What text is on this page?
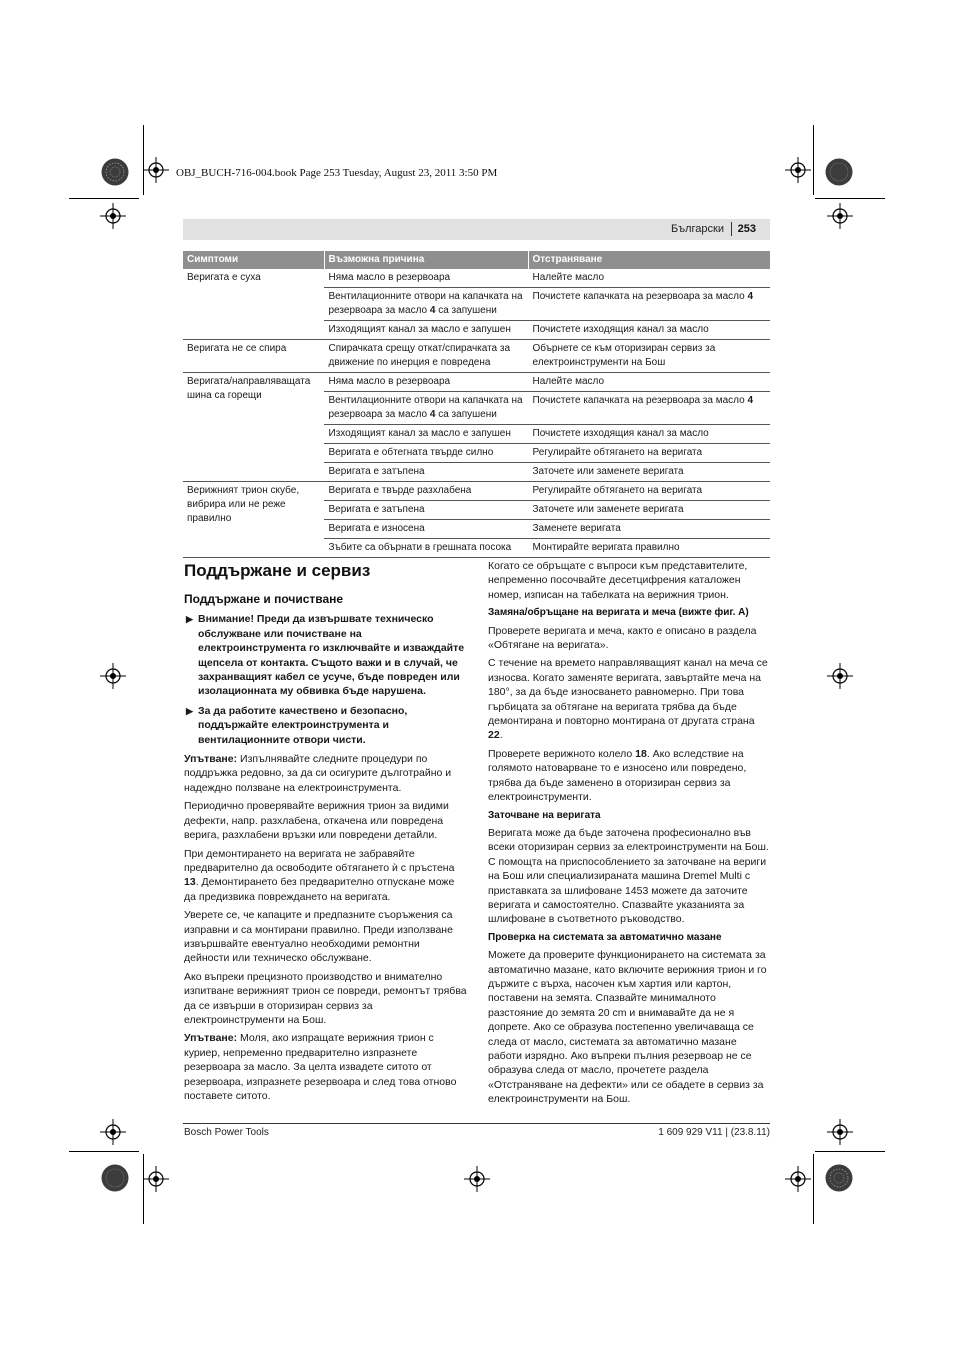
OBJ_BUCH-716-004.book Page 253 Tuesday, August 23, 2011 3:50 PM
Български 253
Симптоми	Възможна причина	Отстраняване
Веригата е суха	Няма масло в резервоара	Налейте масло
	Вентилационните отвори на капачката на резервоара за масло 4 са запушени	Почистете капачката на резервоара за масло 4
	Изходящият канал за масло е запушен	Почистете изходящия канал за масло
Веригата не се спира	Спирачката срещу откат/спирачката за движение по инерция е повредена	Обърнете се към оторизиран сервиз за електроинструменти на Бош
Веригата/направляващата шина са горещи	Няма масло в резервоара	Налейте масло
	Вентилационните отвори на капачката на резервоара за масло 4 са запушени	Почистете капачката на резервоара за масло 4
	Изходящият канал за масло е запушен	Почистете изходящия канал за масло
	Веригата е обтегната твърде силно	Регулирайте обтягането на веригата
	Веригата е затъпена	Заточете или заменете веригата
Верижният трион скубе, вибрира или не реже правилно	Веригата е твърде разхлабена	Регулирайте обтягането на веригата
	Веригата е затъпена	Заточете или заменете веригата
	Веригата е износена	Заменете веригата
	Зъбите са обърнати в грешната посока	Монтирайте веригата правилно
Поддържане и сервиз
Поддържане и почистване
▶ Внимание! Преди да извършвате техническо обслужване или почистване на електроинструмента го изключвайте и изваждайте щепсела от контакта. Същото важи и в случай, че захранващият кабел се усуче, бъде повреден или изолационната му обвивка бъде нарушена.
▶ За да работите качествено и безопасно, поддържайте електроинструмента и вентилационните отвори чисти.

Упътване: Изпълнявайте следните процедури по поддръжка редовно, за да си осигурите дълготрайно и надеждно ползване на електроинструмента.

Периодично проверявайте верижния трион за видими дефекти, напр. разхлабена, откачена или повредена верига, разхлабени връзки или повредени детайли.

При демонтирането на веригата не забравяйте предварително да освободите обтягането ѝ с пръстена 13. Демонтирането без предварително отпускане може да предизвика повреждането на веригата.

Уверете се, че капаците и предпазните съоръжения са изправни и са монтирани правилно. Преди използване извършвайте евентуално необходими ремонтни дейности или техническо обслужване.

Ако въпреки прецизното производство и внимателно изпитване верижният трион се повреди, ремонтът трябва да се извърши в оторизиран сервиз за електроинструменти на Бош.

Упътване: Моля, ако изпращате верижния трион с куриер, непременно предварително изпразнете резервоара за масло. За целта извадете ситото от резервоара, изпразнете резервоара и след това отново поставете ситото.

Когато се обръщате с въпроси към представителите, непременно посочвайте десетцифрения каталожен номер, изписан на табелката на верижния трион.

Замяна/обръщане на веригата и меча (вижте фиг. A)

Проверете веригата и меча, както е описано в раздела «Обтягане на веригата».

С течение на времето направляващият канал на меча се износва. Когато заменяте веригата, завъртайте меча на 180°, за да бъде износването равномерно. При това гърбицата за обтягане на веригата трябва да бъде демонтирана и повторно монтирана от другата страна 22.

Проверете верижното колело 18. Ако вследствие на голямото натоварване то е износено или повредено, трябва да бъде заменено в оторизиран сервиз за електроинструменти.

Заточване на веригата

Веригата може да бъде заточена професионално във всеки оторизиран сервиз за електроинструменти на Бош. С помощта на приспособлението за заточване на вериги на Бош или специализираната машина Dremel Multi с приставката за шлифоване 1453 можете да заточите веригата и самостоятелно. Спазвайте указанията за шлифоване в съответното ръководство.

Проверка на системата за автоматично мазане

Можете да проверите функционирането на системата за автоматично мазане, като включите верижния трион и го държите с върха, насочен към хартия или картон, поставени на земята. Спазвайте минималното разстояние до земята 20 cm и внимавайте да не я допрете. Ако се образува постепенно увеличаваща се следа от масло, системата за автоматично мазане работи изрядно. Ако въпреки пълния резервоар не се образува следа от масло, прочетете раздела «Отстраняване на дефекти» или се обадете в сервиз за електроинструменти на Бош.

Bosch Power Tools	1 609 929 V11 | (23.8.11)
